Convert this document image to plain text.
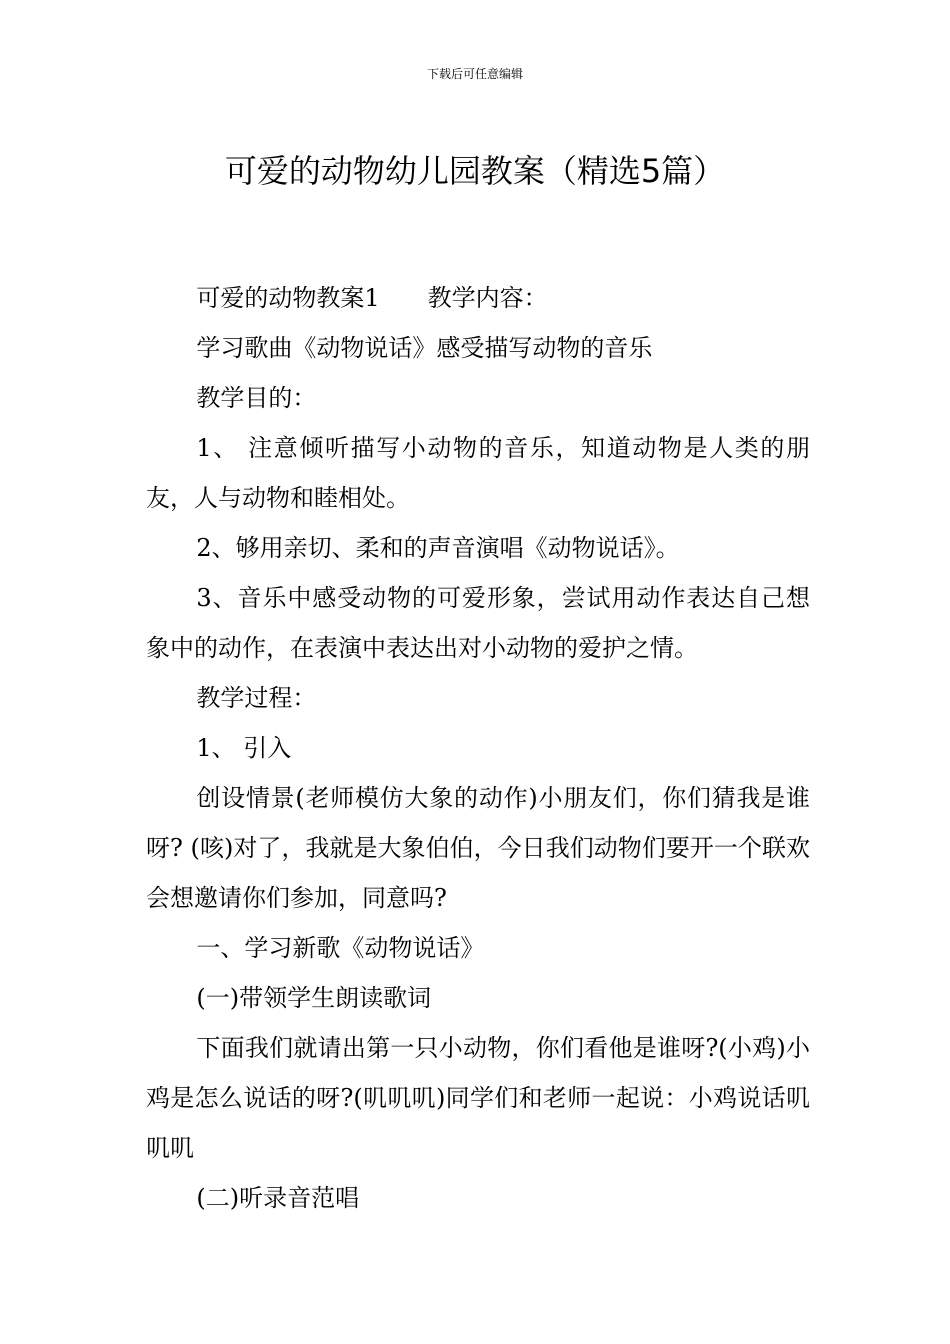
下载后可任意编辑
可爱的动物幼儿园教案（精选5篇）

可爱的动物教案1 教学内容：

学习歌曲《动物说话》感受描写动物的音乐

教学目的：

1、 注意倾听描写小动物的音乐，知道动物是人类的朋友，人与动物和睦相处。

2、够用亲切、柔和的声音演唱《动物说话》。

3、音乐中感受动物的可爱形象，尝试用动作表达自己想象中的动作，在表演中表达出对小动物的爱护之情。

教学过程：

1、 引入

创设情景(老师模仿大象的动作)小朋友们，你们猜我是谁呀? (咳)对了，我就是大象伯伯，今日我们动物们要开一个联欢会想邀请你们参加，同意吗?

一、学习新歌《动物说话》

(一)带领学生朗读歌词

下面我们就请出第一只小动物，你们看他是谁呀?(小鸡)小鸡是怎么说话的呀?(叽叽叽)同学们和老师一起说：小鸡说话叽叽叽

(二)听录音范唱
